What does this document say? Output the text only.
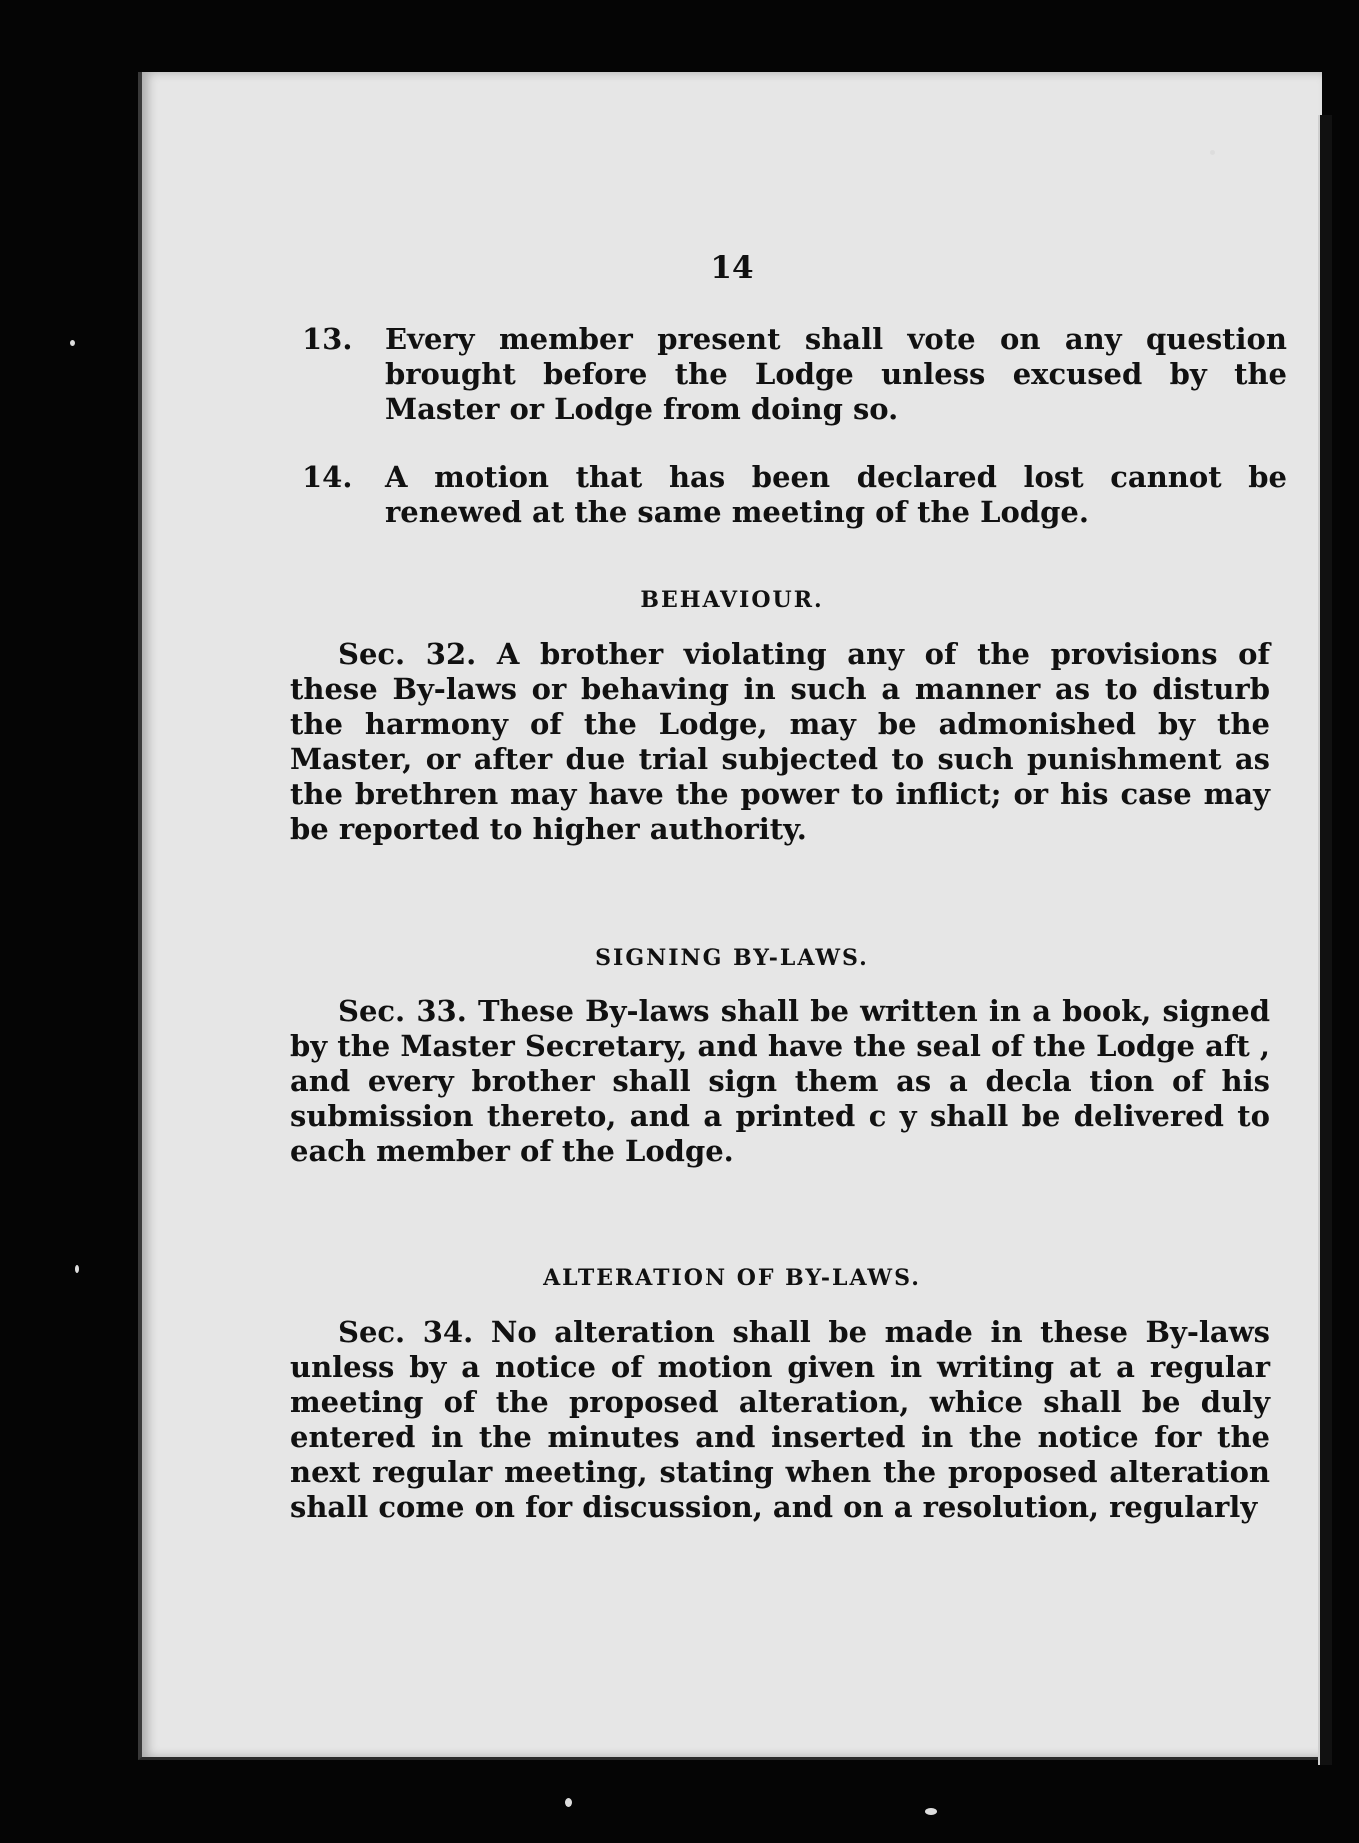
14
13.	Every member present shall vote on any question brought before the Lodge unless excused by the Master or Lodge from doing so.
14.	A motion that has been declared lost cannot be renewed at the same meeting of the Lodge.
BEHAVIOUR.
Sec. 32. A brother violating any of the provisions of these By-laws or behaving in such a manner as to disturb the harmony of the Lodge, may be admonished by the Master, or after due trial subjected to such punishment as the brethren may have the power to inflict; or his case may be reported to higher authority.
SIGNING BY-LAWS.
Sec. 33. These By-laws shall be written in a book, signed by the Master Secretary, and have the seal of the Lodge aft , and every brother shall sign them as a decla tion of his submission thereto, and a printed c y shall be delivered to each member of the Lodge.
ALTERATION OF BY-LAWS.
Sec. 34. No alteration shall be made in these By-laws unless by a notice of motion given in writing at a regular meeting of the proposed alteration, whice shall be duly entered in the minutes and inserted in the notice for the next regular meeting, stating when the proposed alteration shall come on for discussion, and on a resolution, regularly
